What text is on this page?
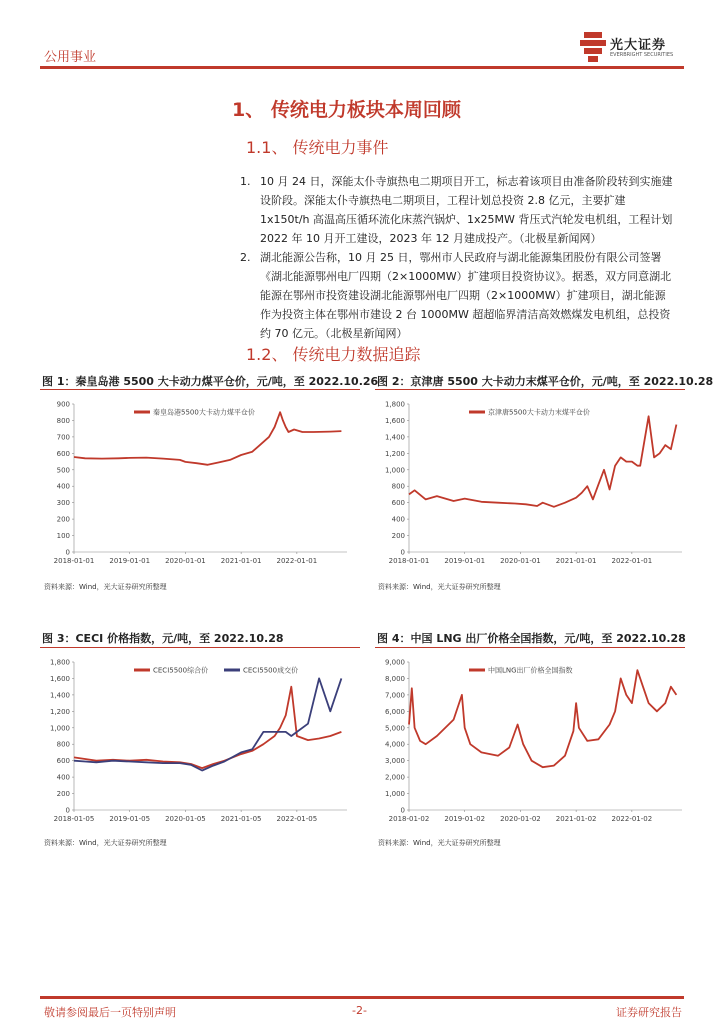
公用事业
光大证券
EVERBRIGHT SECURITIES
1、 传统电力板块本周回顾
1.1、 传统电力事件
1. 10 月 24 日，深能太仆寺旗热电二期项目开工，标志着该项目由准备阶段转到实施建设阶段。深能太仆寺旗热电二期项目，工程计划总投资 2.8 亿元，主要扩建 1x150t/h 高温高压循环流化床蒸汽锅炉、1x25MW 背压式汽轮发电机组，工程计划 2022 年 10 月开工建设，2023 年 12 月建成投产。（北极星新闻网）
2. 湖北能源公告称，10 月 25 日，鄂州市人民政府与湖北能源集团股份有限公司签署《湖北能源鄂州电厂四期（2×1000MW）扩建项目投资协议》。据悉，双方同意湖北能源在鄂州市投资建设湖北能源鄂州电厂四期（2×1000MW）扩建项目，湖北能源作为投资主体在鄂州市建设 2 台 1000MW 超超临界清洁高效燃煤发电机组，总投资约 70 亿元。（北极星新闻网）
1.2、 传统电力数据追踪
图 1：秦皇岛港 5500 大卡动力煤平仓价，元/吨，至 2022.10.26
0
100
200
300
400
500
600
700
800
900
2018-01-01 2019-01-01 2020-01-01 2021-01-01 2022-01-01
秦皇岛港5500大卡动力煤平仓价
资料来源：Wind，光大证券研究所整理
图 2：京津唐 5500 大卡动力末煤平仓价，元/吨，至 2022.10.28
0
200
400
600
800
1,000
1,200
1,400
1,600
1,800
2018-01-01 2019-01-01 2020-01-01 2021-01-01 2022-01-01
京津唐5500大卡动力末煤平仓价
资料来源：Wind，光大证券研究所整理
图 3：CECI 价格指数，元/吨，至 2022.10.28
0
200
400
600
800
1,000
1,200
1,400
1,600
1,800
2018-01-05 2019-01-05 2020-01-05 2021-01-05 2022-01-05
CECI5500综合价	CECI5500成交价
资料来源：Wind，光大证券研究所整理
图 4：中国 LNG 出厂价格全国指数，元/吨，至 2022.10.28
0
1,000
2,000
3,000
4,000
5,000
6,000
7,000
8,000
9,000
2018-01-02 2019-01-02 2020-01-02 2021-01-02 2022-01-02
中国LNG出厂价格全国指数
资料来源：Wind，光大证券研究所整理
敬请参阅最后一页特别声明	-2-	证券研究报告
